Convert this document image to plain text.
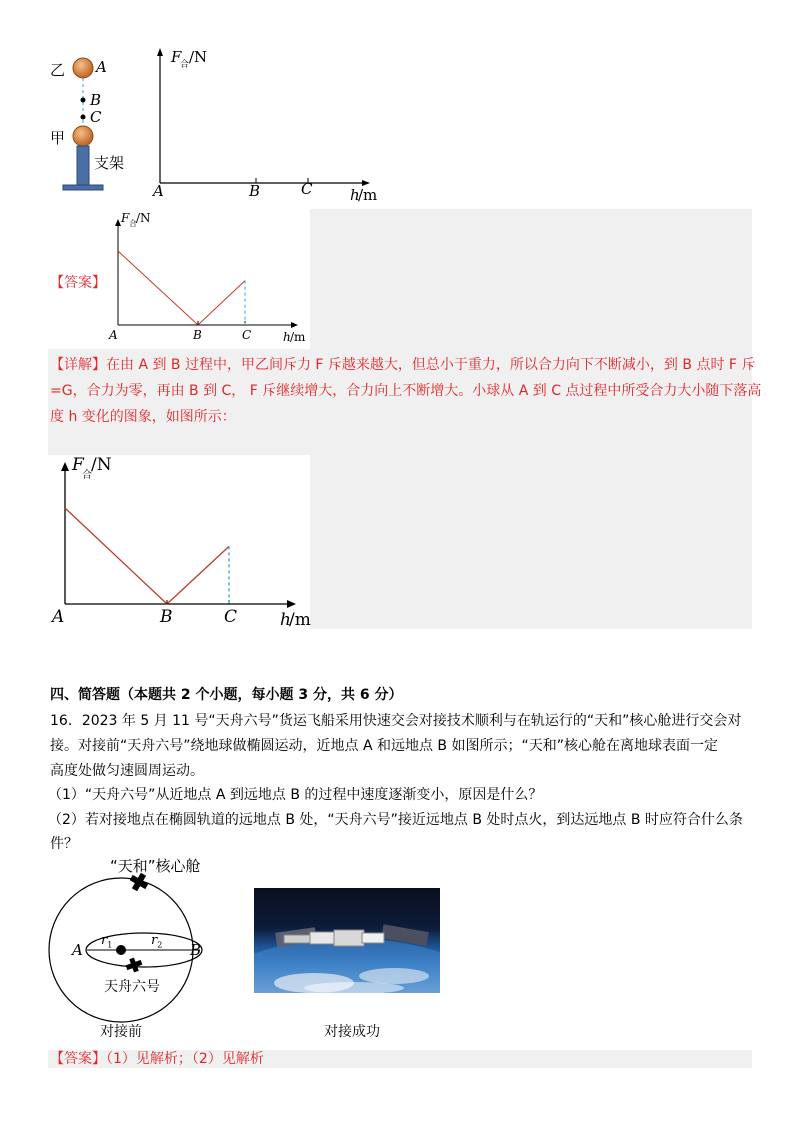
乙 A
B
C
甲
支架
F
合 /N
A	B	C	h
/m
【答案】
F 合 /N
A	B	C	h /m
【详解】在由 A 到 B 过程中，甲乙间斥力 F 斥越来越大，但总小于重力，所以合力向下不断减小，到 B 点时 F 斥
=G，合力为零，再由 B 到 C， F 斥继续增大，合力向上不断增大。小球从 A 到 C 点过程中所受合力大小随下落高
度 h 变化的图象，如图所示：
F
合
/N
A	B	C	h
/m
四、简答题（本题共 2 个小题，每小题 3 分，共 6 分）
16．2023 年 5 月 11 号“天舟六号”货运飞船采用快速交会对接技术顺利与在轨运行的“天和”核心舱进行交会对
接。对接前“天舟六号”绕地球做椭圆运动，近地点 A 和远地点 B 如图所示；“天和”核心舱在离地球表面一定
高度处做匀速圆周运动。
（1）“天舟六号”从近地点 A 到远地点 B 的过程中速度逐渐变小，原因是什么？
（2）若对接地点在椭圆轨道的远地点 B 处，“天舟六号”接近远地点 B 处时点火，到达远地点 B 时应符合什么条
件？
“天和”核心舱
A	B
$r_1$	$r_2$
天舟六号
对接前	对接成功
【答案】（1）见解析；（2）见解析
